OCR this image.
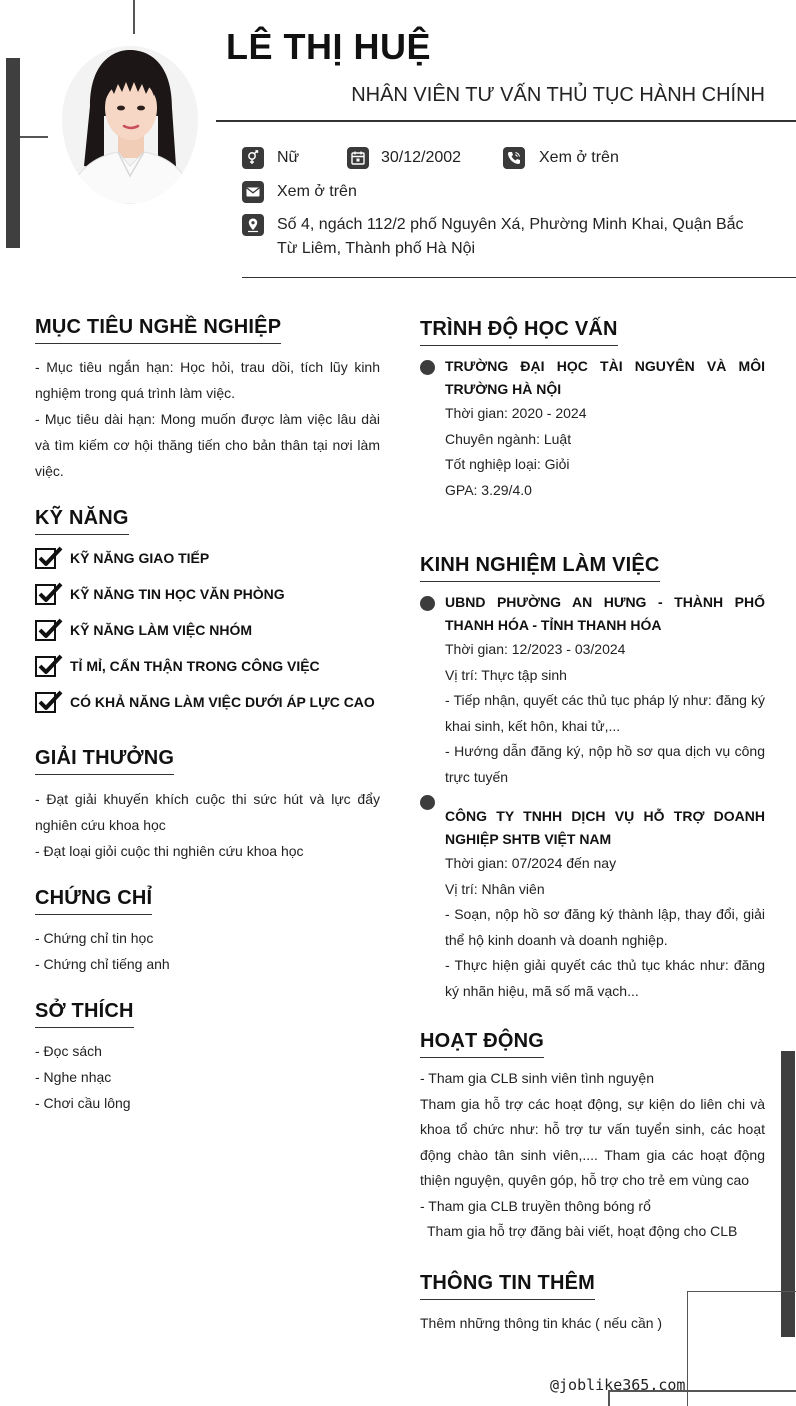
LÊ THỊ HUỆ
NHÂN VIÊN TƯ VẤN THỦ TỤC HÀNH CHÍNH
Nữ	30/12/2002	Xem ở trên
Xem ở trên
Số 4, ngách 112/2 phố Nguyên Xá, Phường Minh Khai, Quận Bắc Từ Liêm, Thành phố Hà Nội
MỤC TIÊU NGHỀ NGHIỆP
- Mục tiêu ngắn hạn: Học hỏi, trau dồi, tích lũy kinh nghiệm trong quá trình làm việc.
- Mục tiêu dài hạn: Mong muốn được làm việc lâu dài và tìm kiếm cơ hội thăng tiến cho bản thân tại nơi làm việc.
KỸ NĂNG
KỸ NĂNG GIAO TIẾP
KỸ NĂNG TIN HỌC VĂN PHÒNG
KỸ NĂNG LÀM VIỆC NHÓM
TỈ MỈ, CẨN THẬN TRONG CÔNG VIỆC
CÓ KHẢ NĂNG LÀM VIỆC DƯỚI ÁP LỰC CAO
GIẢI THƯỞNG
- Đạt giải khuyến khích cuộc thi sức hút và lực đẩy nghiên cứu khoa học
- Đạt loại giỏi cuộc thi nghiên cứu khoa học
CHỨNG CHỈ
- Chứng chỉ tin học
- Chứng chỉ tiếng anh
SỞ THÍCH
- Đọc sách
- Nghe nhạc
- Chơi cầu lông
TRÌNH ĐỘ HỌC VẤN
TRƯỜNG ĐẠI HỌC TÀI NGUYÊN VÀ MÔI TRƯỜNG HÀ NỘI
Thời gian: 2020 - 2024
Chuyên ngành: Luật
Tốt nghiệp loại: Giỏi
GPA: 3.29/4.0
KINH NGHIỆM LÀM VIỆC
UBND PHƯỜNG AN HƯNG - THÀNH PHỐ THANH HÓA - TỈNH THANH HÓA
Thời gian: 12/2023 - 03/2024
Vị trí: Thực tập sinh
- Tiếp nhận, quyết các thủ tục pháp lý như: đăng ký khai sinh, kết hôn, khai tử,...
- Hướng dẫn đăng ký, nộp hồ sơ qua dịch vụ công trực tuyến
CÔNG TY TNHH DỊCH VỤ HỖ TRỢ DOANH NGHIỆP SHTB VIỆT NAM
Thời gian: 07/2024 đến nay
Vị trí: Nhân viên
- Soạn, nộp hồ sơ đăng ký thành lập, thay đổi, giải thể hộ kinh doanh và doanh nghiệp.
- Thực hiện giải quyết các thủ tục khác như: đăng ký nhãn hiệu, mã số mã vạch...
HOẠT ĐỘNG
- Tham gia CLB sinh viên tình nguyện
Tham gia hỗ trợ các hoạt động, sự kiện do liên chi và khoa tổ chức như: hỗ trợ tư vấn tuyển sinh, các hoạt động chào tân sinh viên,.... Tham gia các hoạt động thiện nguyện, quyên góp, hỗ trợ cho trẻ em vùng cao
- Tham gia CLB truyền thông bóng rổ
Tham gia hỗ trợ đăng bài viết, hoạt động cho CLB
THÔNG TIN THÊM
Thêm những thông tin khác ( nếu cần )
@joblike365.com
